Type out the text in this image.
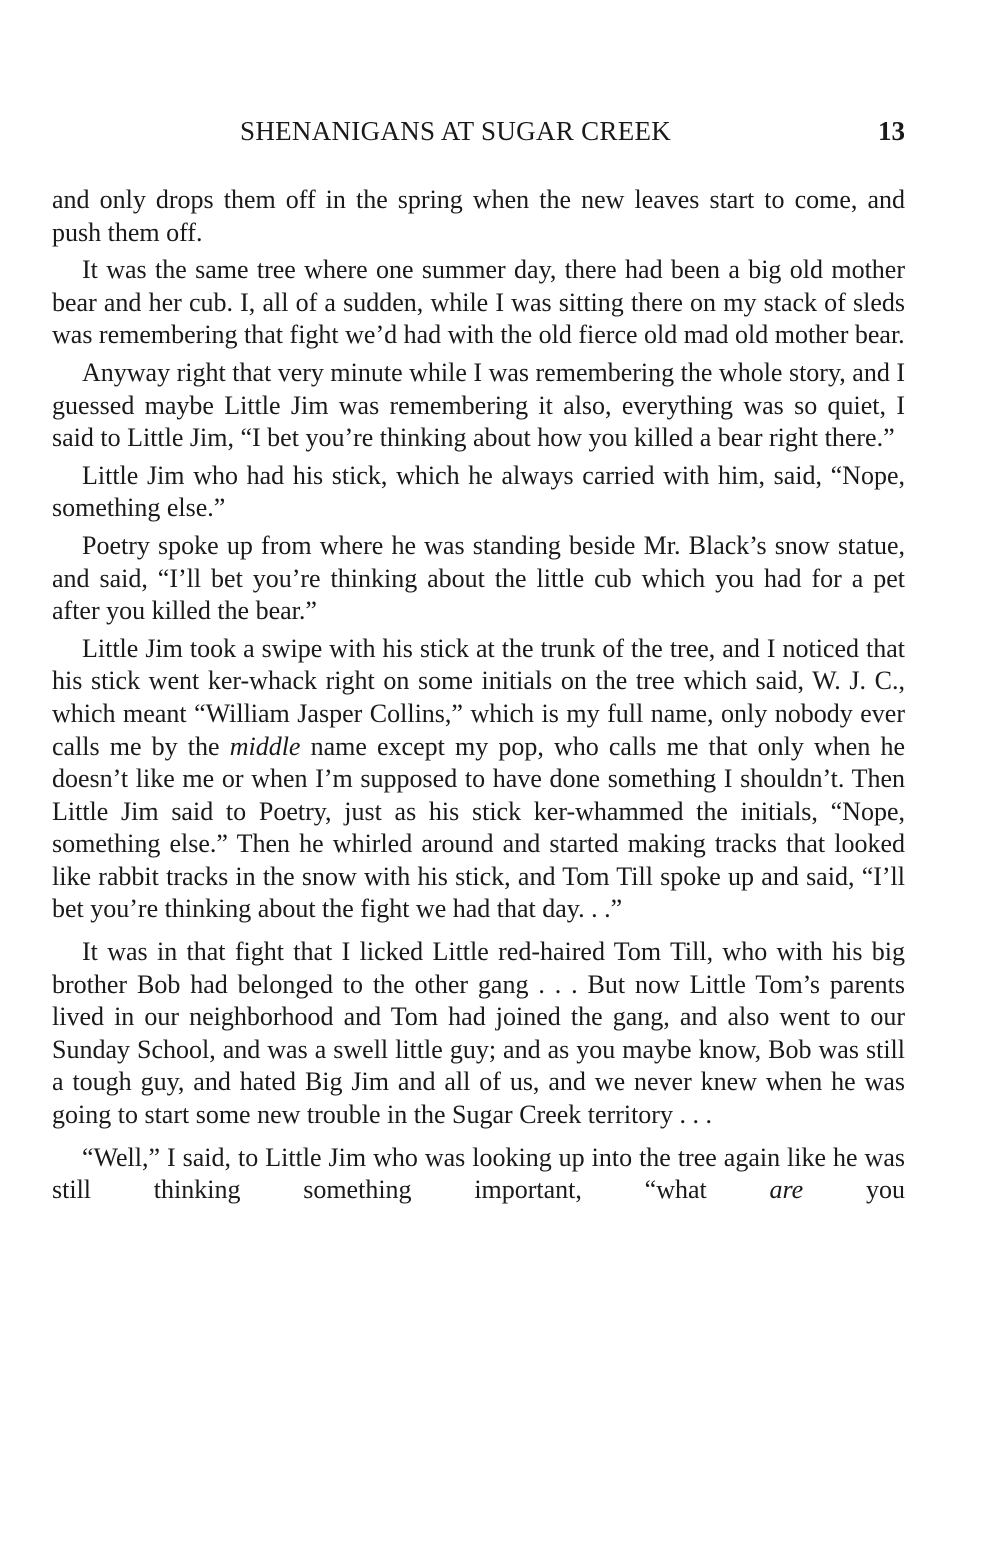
SHENANIGANS AT SUGAR CREEK	13

and only drops them off in the spring when the new leaves start to come, and push them off.

It was the same tree where one summer day, there had been a big old mother bear and her cub. I, all of a sudden, while I was sitting there on my stack of sleds was remembering that fight we’d had with the old fierce old mad old mother bear.

Anyway right that very minute while I was remembering the whole story, and I guessed maybe Little Jim was remembering it also, everything was so quiet, I said to Little Jim, “I bet you’re thinking about how you killed a bear right there.”

Little Jim who had his stick, which he always carried with him, said, “Nope, something else.”

Poetry spoke up from where he was standing beside Mr. Black’s snow statue, and said, “I’ll bet you’re thinking about the little cub which you had for a pet after you killed the bear.”

Little Jim took a swipe with his stick at the trunk of the tree, and I noticed that his stick went ker-whack right on some initials on the tree which said, W. J. C., which meant “William Jasper Collins,” which is my full name, only nobody ever calls me by the middle name except my pop, who calls me that only when he doesn’t like me or when I’m supposed to have done something I shouldn’t. Then Little Jim said to Poetry, just as his stick ker-whammed the initials, “Nope, something else.” Then he whirled around and started making tracks that looked like rabbit tracks in the snow with his stick, and Tom Till spoke up and said, “I’ll bet you’re thinking about the fight we had that day. . .”

It was in that fight that I licked Little red-haired Tom Till, who with his big brother Bob had belonged to the other gang . . . But now Little Tom’s parents lived in our neighborhood and Tom had joined the gang, and also went to our Sunday School, and was a swell little guy; and as you maybe know, Bob was still a tough guy, and hated Big Jim and all of us, and we never knew when he was going to start some new trouble in the Sugar Creek territory . . .

“Well,” I said, to Little Jim who was looking up into the tree again like he was still thinking something important, “what are you
